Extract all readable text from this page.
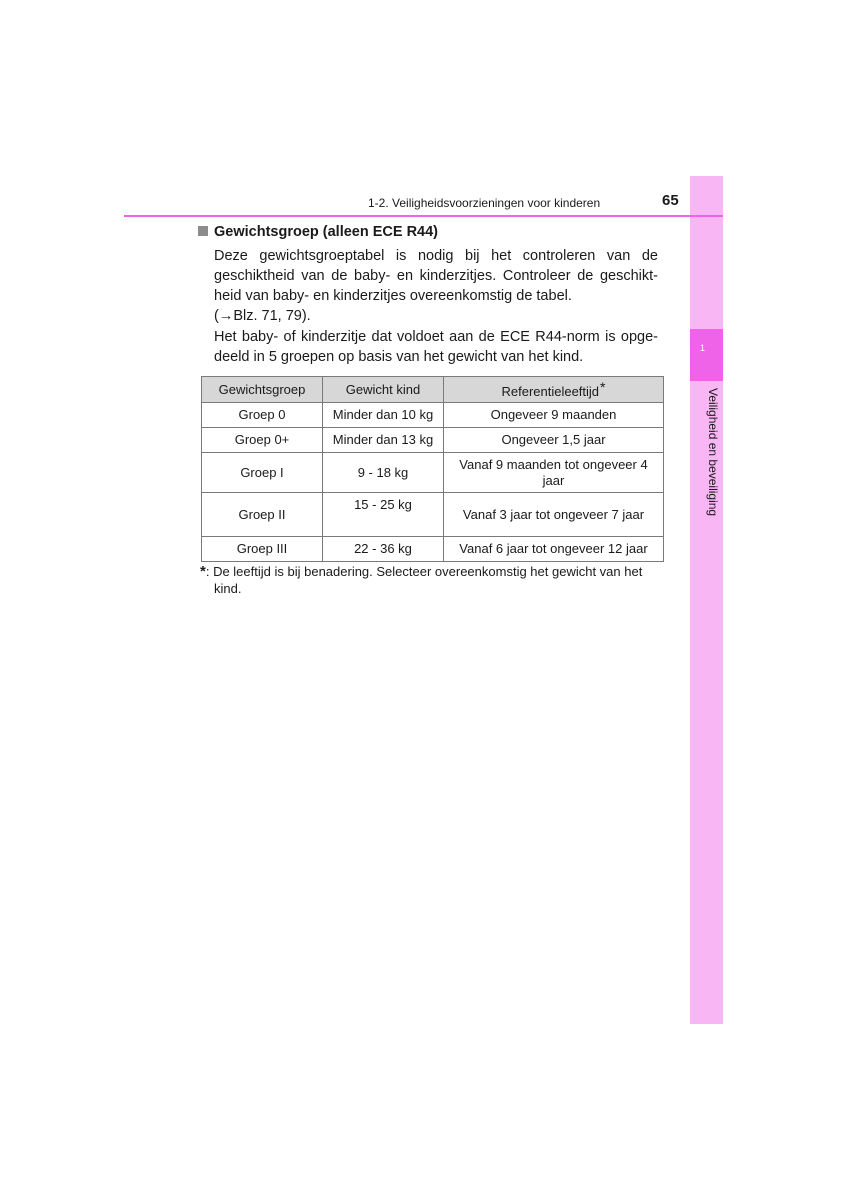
1
Veiligheid en beveiliging
1-2. Veiligheidsvoorzieningen voor kinderen	65
Gewichtsgroep (alleen ECE R44)
Deze gewichtsgroeptabel is nodig bij het controleren van de geschiktheid van de baby- en kinderzitjes. Controleer de geschikt-heid van baby- en kinderzitjes overeenkomstig de tabel.
(→Blz. 71, 79).
Het baby- of kinderzitje dat voldoet aan de ECE R44-norm is opge-deeld in 5 groepen op basis van het gewicht van het kind.
Gewichtsgroep	Gewicht kind	Referentieleeftijd*
Groep 0	Minder dan 10 kg	Ongeveer 9 maanden
Groep 0+	Minder dan 13 kg	Ongeveer 1,5 jaar
Groep I	9 - 18 kg	Vanaf 9 maanden tot ongeveer 4 jaar
Groep II	15 - 25 kg	Vanaf 3 jaar tot ongeveer 7 jaar
Groep III	22 - 36 kg	Vanaf 6 jaar tot ongeveer 12 jaar
*: De leeftijd is bij benadering. Selecteer overeenkomstig het gewicht van het
kind.
